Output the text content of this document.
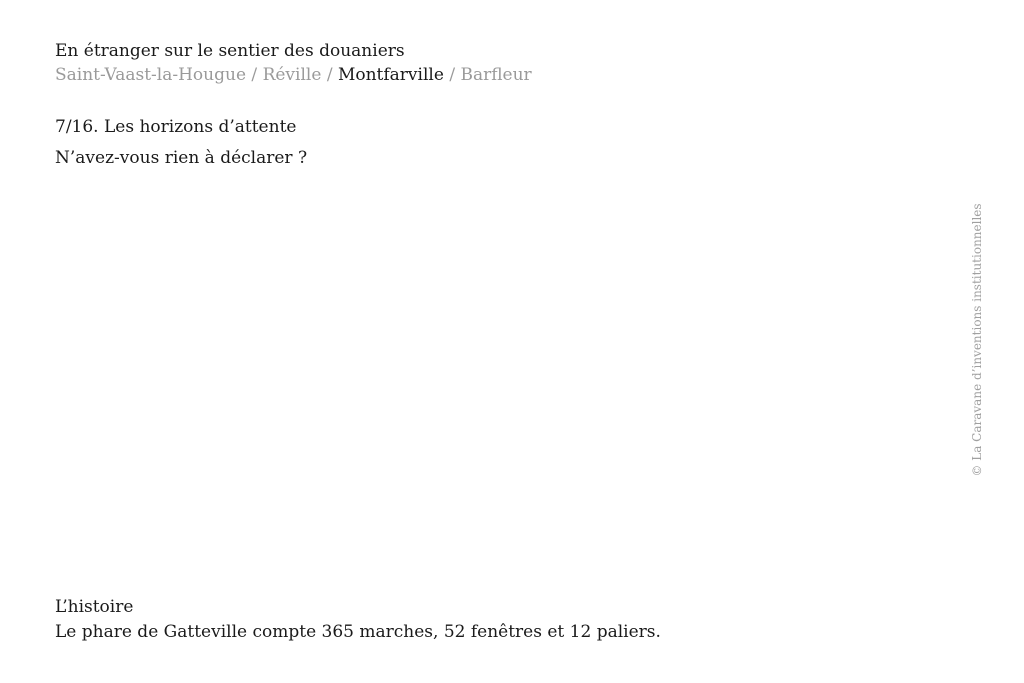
En étranger sur le sentier des douaniers
Saint-Vaast-la-Hougue / Réville / Montfarville / Barfleur
7/16. Les horizons d’attente
N’avez-vous rien à déclarer ?
© La Caravane d’inventions institutionnelles
L’histoire

Le phare de Gatteville compte 365 marches, 52 fenêtres et 12 paliers.
